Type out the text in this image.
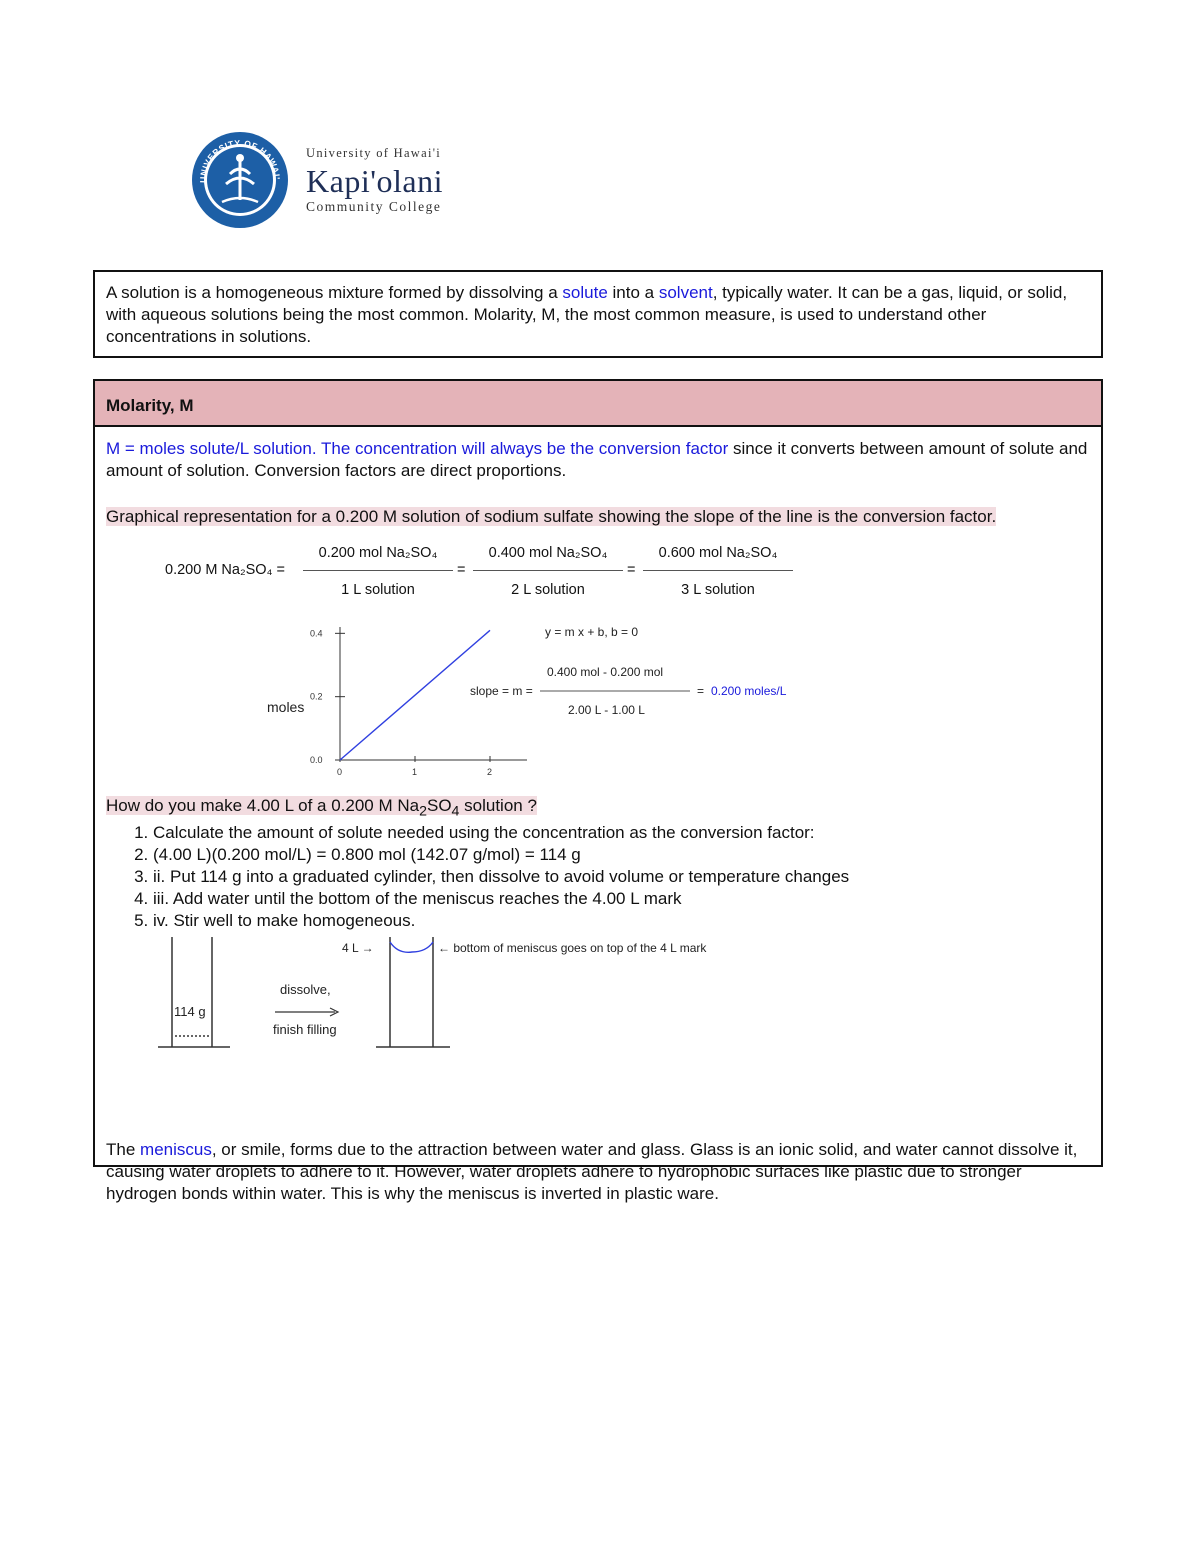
UNIVERSITY OF HAWAI'
University of Hawai'i
Kapi'olani
Community College

A solution is a homogeneous mixture formed by dissolving a solute into a solvent, typically water. It can be a gas, liquid, or solid, with aqueous solutions being the most common. Molarity, M, the most common measure, is used to understand other concentrations in solutions.

Molarity, M

M = moles solute/L solution. The concentration will always be the conversion factor since it converts between amount of solute and amount of solution. Conversion factors are direct proportions.

Graphical representation for a 0.200 M solution of sodium sulfate showing the slope of the line is the conversion factor.

0.200 M Na₂SO₄ =
0.200 mol Na₂SO₄
1 L solution
=
0.400 mol Na₂SO₄
2 L solution
=
0.600 mol Na₂SO₄
3 L solution
0.0
0.2
0.4
0	1	2
moles
y = m x + b, b = 0
0.400 mol - 0.200 mol
slope = m =	= 0.200 moles/L
2.00 L - 1.00 L

How do you make 4.00 L of a 0.200 M $Na_2SO_4$ solution ?

1. Calculate the amount of solute needed using the concentration as the conversion factor:
2. (4.00 L)(0.200 mol/L) = 0.800 mol (142.07 g/mol) = 114 g
3. ii. Put 114 g into a graduated cylinder, then dissolve to avoid volume or temperature changes
4. iii. Add water until the bottom of the meniscus reaches the 4.00 L mark
5. iv. Stir well to make homogeneous.
114 g
dissolve,
finish filling
4 L →	← bottom of meniscus goes on top of the 4 L mark

The meniscus, or smile, forms due to the attraction between water and glass. Glass is an ionic solid, and water cannot dissolve it, causing water droplets to adhere to it. However, water droplets adhere to hydrophobic surfaces like plastic due to stronger hydrogen bonds within water. This is why the meniscus is inverted in plastic ware.
